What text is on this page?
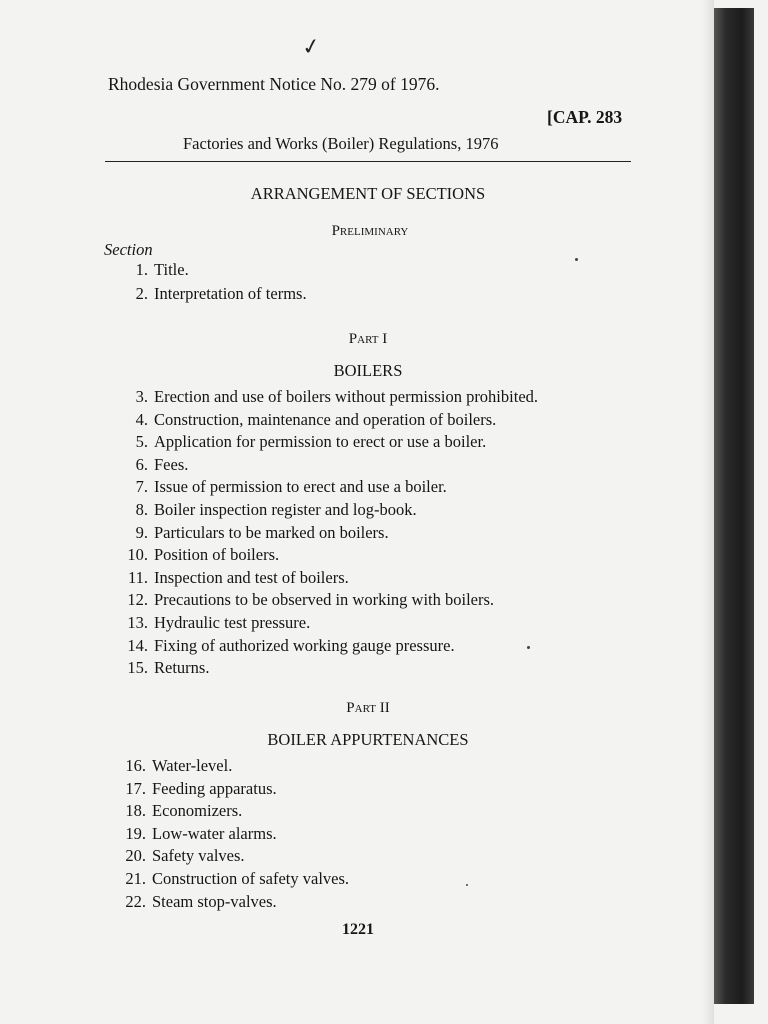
✓
Rhodesia Government Notice No. 279 of 1976.
[CAP. 283
Factories and Works (Boiler) Regulations, 1976
ARRANGEMENT OF SECTIONS
Preliminary
Section
1. Title.
2. Interpretation of terms.
Part I
BOILERS
3. Erection and use of boilers without permission prohibited.
4. Construction, maintenance and operation of boilers.
5. Application for permission to erect or use a boiler.
6. Fees.
7. Issue of permission to erect and use a boiler.
8. Boiler inspection register and log-book.
9. Particulars to be marked on boilers.
10. Position of boilers.
11. Inspection and test of boilers.
12. Precautions to be observed in working with boilers.
13. Hydraulic test pressure.
14. Fixing of authorized working gauge pressure.
15. Returns.
Part II
BOILER APPURTENANCES
16. Water-level.
17. Feeding apparatus.
18. Economizers.
19. Low-water alarms.
20. Safety valves.
21. Construction of safety valves.
22. Steam stop-valves.
1221
